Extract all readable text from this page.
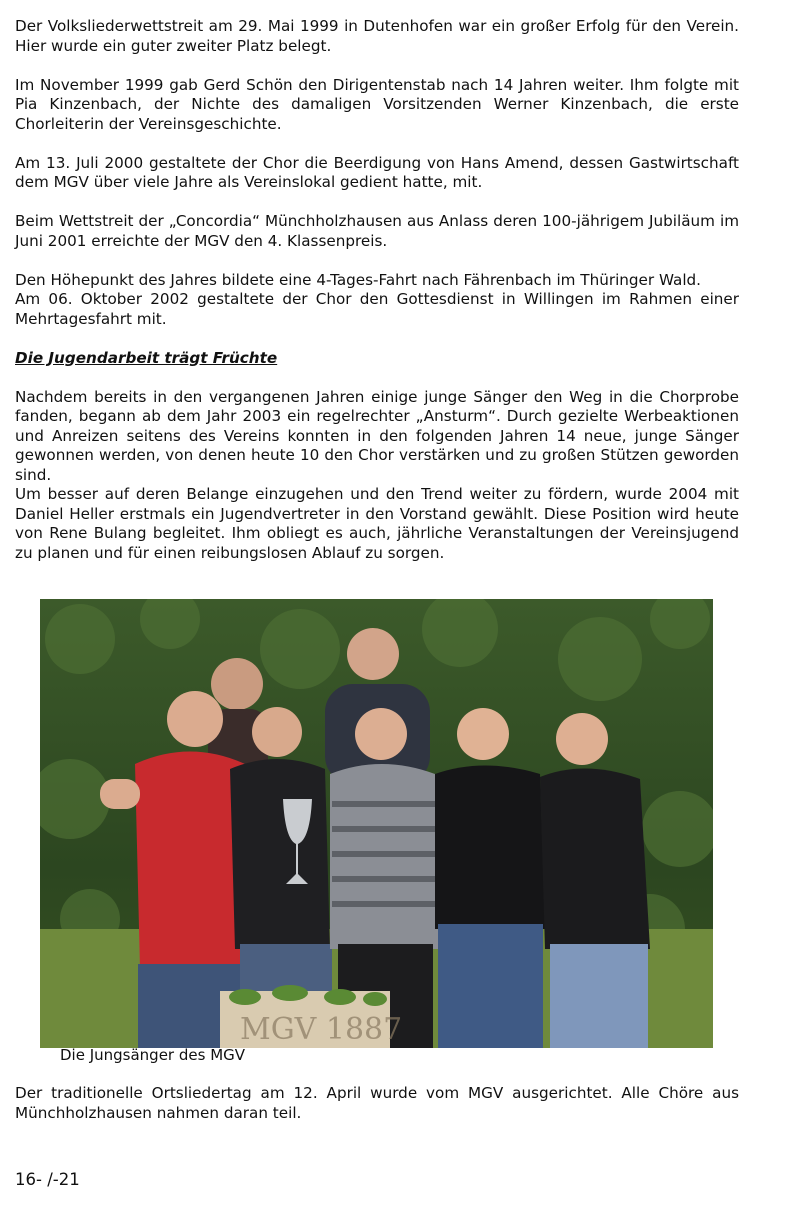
Der Volksliederwettstreit am 29. Mai 1999 in Dutenhofen war ein großer Erfolg für den Verein. Hier wurde ein guter zweiter Platz belegt.

Im November 1999 gab Gerd Schön den Dirigentenstab nach 14 Jahren weiter. Ihm folgte mit Pia Kinzenbach, der Nichte des damaligen Vorsitzenden Werner Kinzenbach, die erste Chorleiterin der Vereinsgeschichte.

Am 13. Juli 2000 gestaltete der Chor die Beerdigung von Hans Amend, dessen Gastwirtschaft dem MGV über viele Jahre als Vereinslokal gedient hatte, mit.

Beim Wettstreit der „Concordia“ Münchholzhausen aus Anlass deren 100-jährigem Jubiläum im Juni 2001 erreichte der MGV den 4. Klassenpreis.

Den Höhepunkt des Jahres bildete eine 4-Tages-Fahrt nach Fährenbach im Thüringer Wald.

Am 06. Oktober 2002 gestaltete der Chor den Gottesdienst in Willingen im Rahmen einer Mehrtagesfahrt mit.

Die Jugendarbeit trägt Früchte

Nachdem bereits in den vergangenen Jahren einige junge Sänger den Weg in die Chorprobe fanden, begann ab dem Jahr 2003 ein regelrechter „Ansturm“. Durch gezielte Werbeaktionen und Anreizen seitens des Vereins konnten in den folgenden Jahren 14 neue, junge Sänger gewonnen werden, von denen heute 10 den Chor verstärken und zu großen Stützen geworden sind.

Um besser auf deren Belange einzugehen und den Trend weiter zu fördern, wurde 2004 mit Daniel Heller erstmals ein Jugendvertreter in den Vorstand gewählt. Diese Position wird heute von Rene Bulang begleitet. Ihm obliegt es auch, jährliche Veranstaltungen der Vereinsjugend zu planen und für einen reibungslosen Ablauf zu sorgen.

MGV 1887
Die Jungsänger des MGV

Der traditionelle Ortsliedertag am 12. April wurde vom MGV ausgerichtet. Alle Chöre aus Münchholzhausen nahmen daran teil.

16- /-21
